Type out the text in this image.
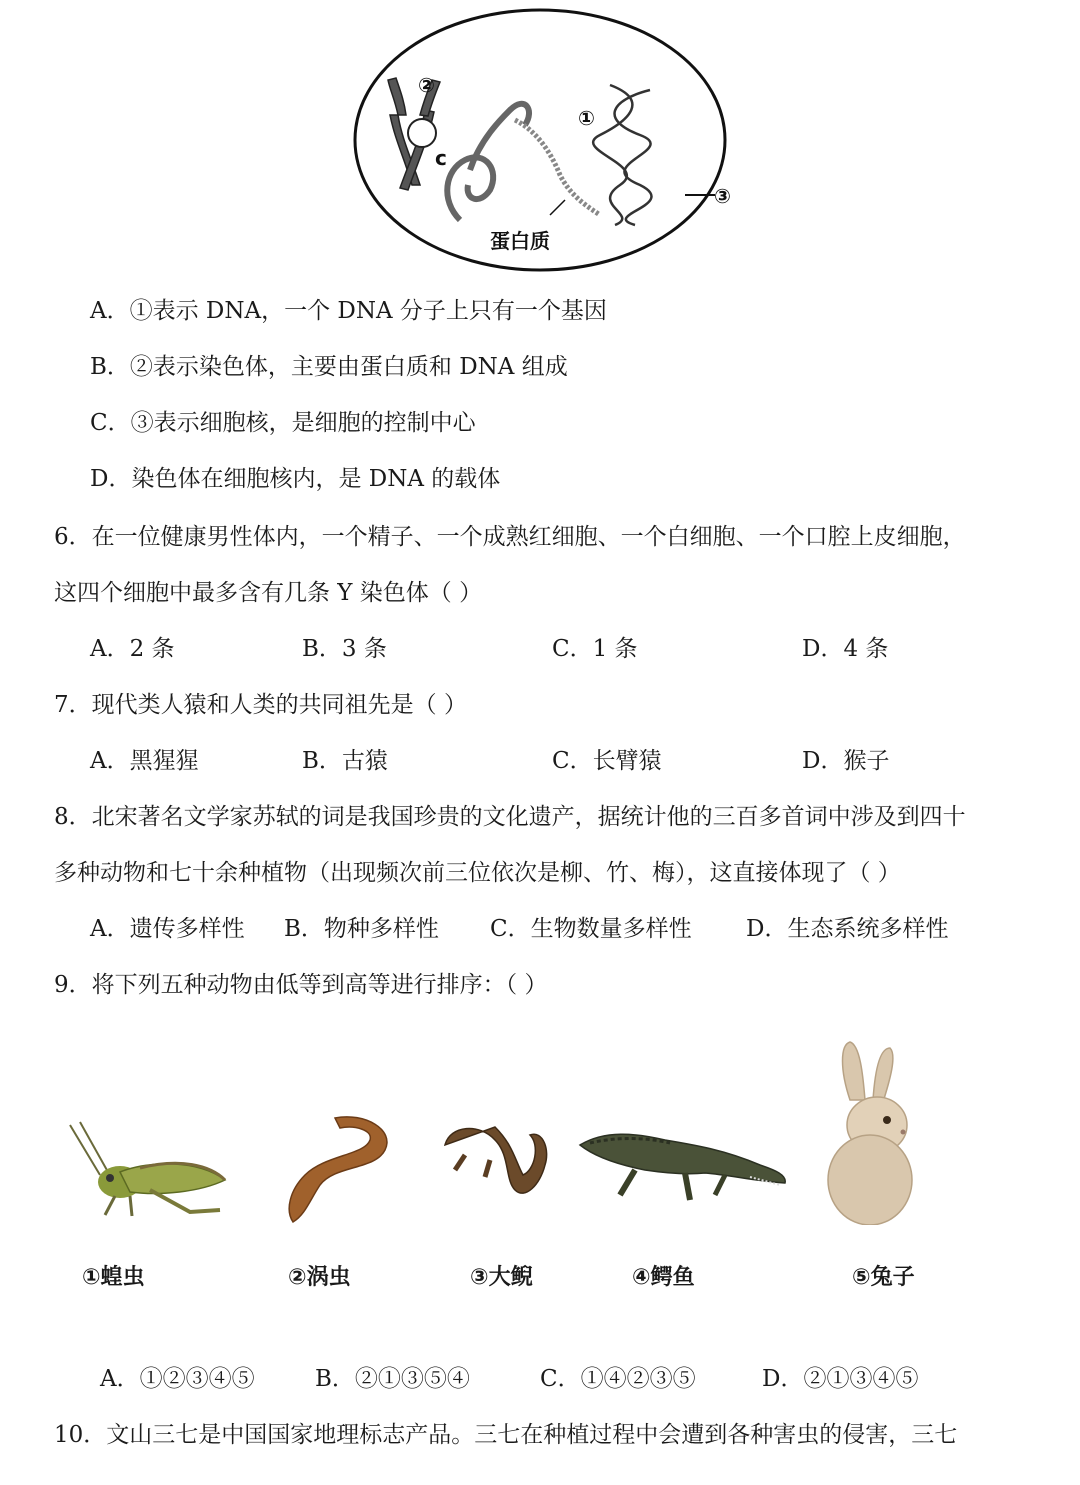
c
②
①
③
蛋白质
A．①表示 DNA，一个 DNA 分子上只有一个基因
B．②表示染色体，主要由蛋白质和 DNA 组成
C．③表示细胞核，是细胞的控制中心
D．染色体在细胞核内，是 DNA 的载体
6．在一位健康男性体内，一个精子、一个成熟红细胞、一个白细胞、一个口腔上皮细胞，
这四个细胞中最多含有几条 Y 染色体（ ）
A．2 条	B．3 条	C．1 条	D．4 条
7．现代类人猿和人类的共同祖先是（ ）
A．黑猩猩	B．古猿	C．长臂猿	D．猴子
8．北宋著名文学家苏轼的词是我国珍贵的文化遗产，据统计他的三百多首词中涉及到四十
多种动物和七十余种植物（出现频次前三位依次是柳、竹、梅），这直接体现了（ ）
A．遗传多样性 B．物种多样性 C．生物数量多样性 D．生态系统多样性
9．将下列五种动物由低等到高等进行排序：（ ）
①蝗虫	②涡虫	③大鲵	④鳄鱼	⑤兔子
A．①②③④⑤	B．②①③⑤④	C．①④②③⑤	D．②①③④⑤
10．文山三七是中国国家地理标志产品。三七在种植过程中会遭到各种害虫的侵害，三七
